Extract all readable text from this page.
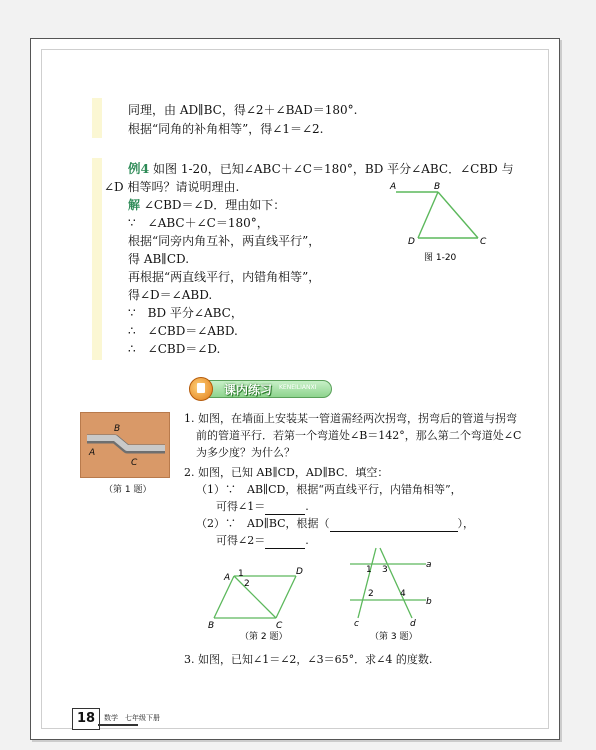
同理，由 AD∥BC，得∠2＋∠BAD＝180°.
根据“同角的补角相等”，得∠1＝∠2.
例4 如图 1-20，已知∠ABC＋∠C＝180°，BD 平分∠ABC．∠CBD 与
∠D 相等吗？请说明理由.
解 ∠CBD＝∠D．理由如下：
∵　∠ABC＋∠C＝180°，
根据“同旁内角互补，两直线平行”，
得 AB∥CD.
再根据“两直线平行，内错角相等”，
得∠D＝∠ABD.
∵　BD 平分∠ABC，
∴　∠CBD＝∠ABD.
∴　∠CBD＝∠D.
A	B
D	C
图 1-20
课内练习 KENEILIANXI
B
A
C
（第 1 题）
1. 如图，在墙面上安装某一管道需经两次拐弯，拐弯后的管道与拐弯
前的管道平行．若第一个弯道处∠B＝142°，那么第二个弯道处∠C
为多少度？为什么？
2. 如图，已知 AB∥CD，AD∥BC．填空：
（1）∵　AB∥CD，根据“两直线平行，内错角相等”，
可得∠1＝	.
（2）∵　AD∥BC，根据（	），
可得∠2＝	.
A
D
1
2
B	C
（第 2 题）
1 3	a
2	4
b
c	d
（第 3 题）
3. 如图，已知∠1＝∠2，∠3＝65°．求∠4 的度数.
18	数学　七年级下册
